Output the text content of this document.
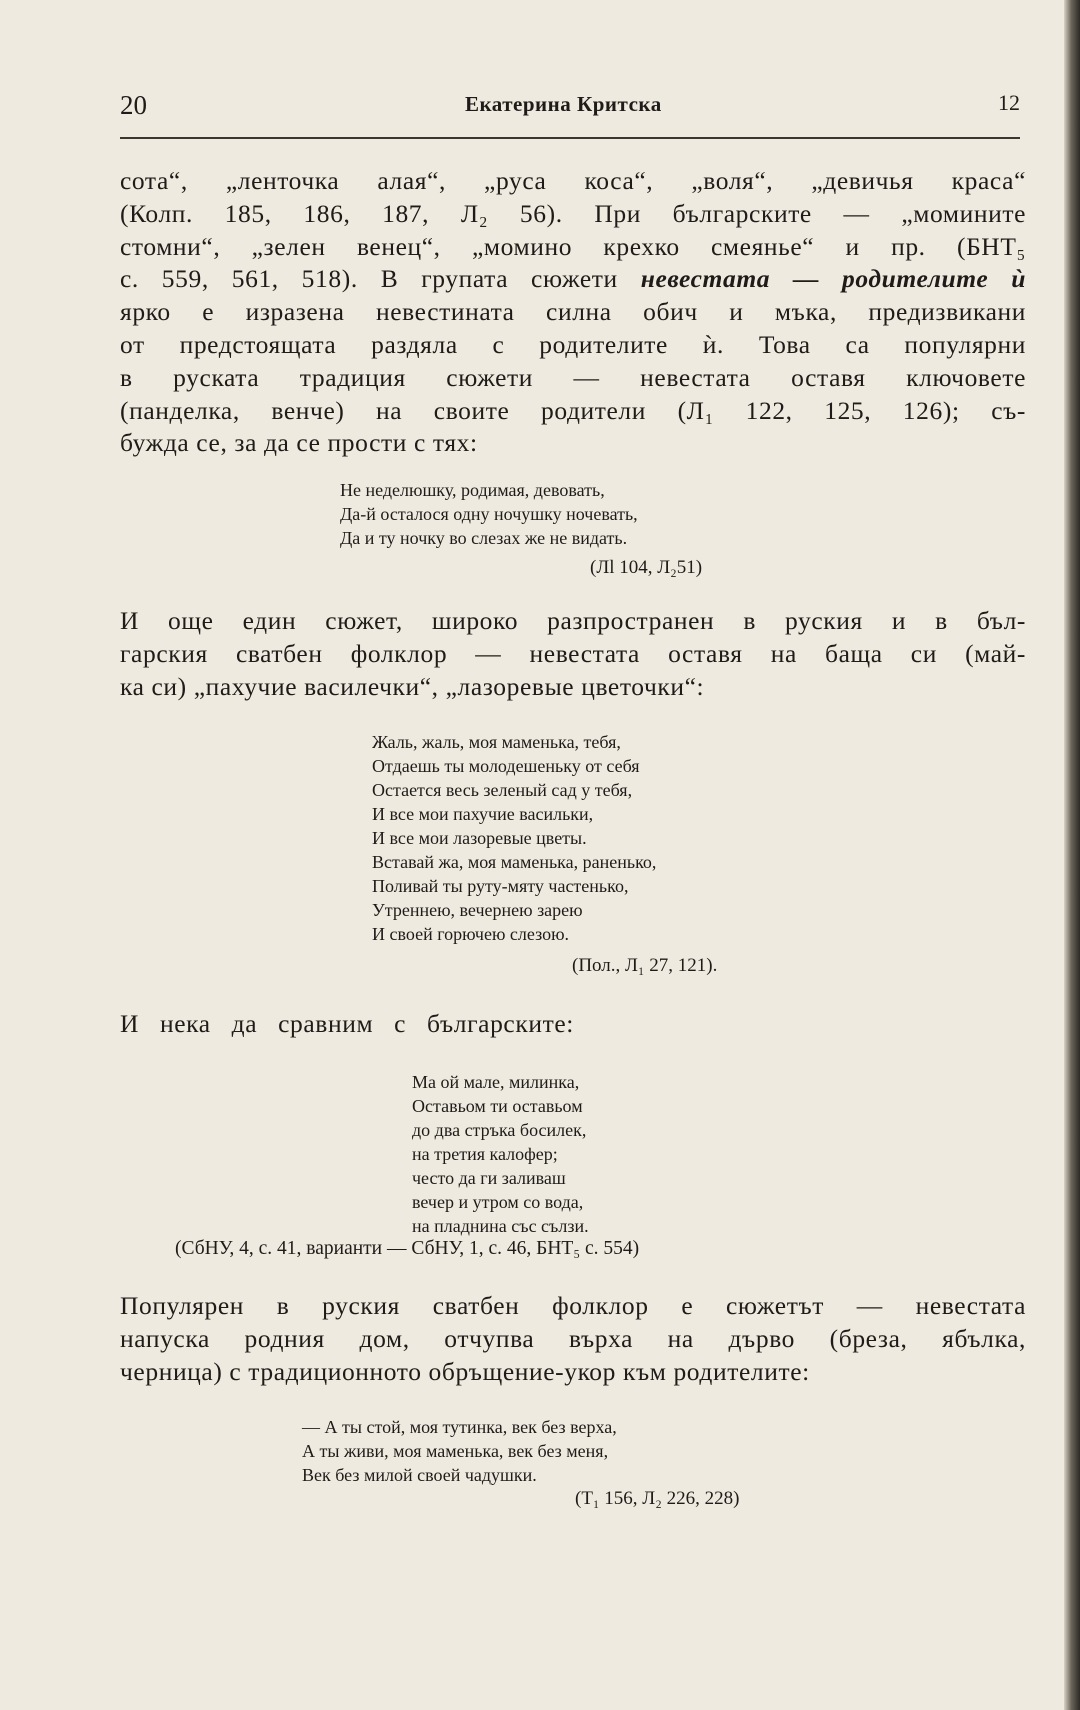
20	Екатерина Критска	12
сота“, „ленточка алая“, „руса коса“, „воля“, „девичья краса“
(Колп. 185, 186, 187, Л₂ 56). При българските — „момините
стомни“, „зелен венец“, „момино крехко смеянье“ и пр. (БНТ₅
с. 559, 561, 518). В групата сюжети невестата — родителите ѝ
ярко е изразена невестината силна обич и мъка, предизвикани
от предстоящата раздяла с родителите ѝ. Това са популярни
в руската традиция сюжети — невестата оставя ключовете
(панделка, венче) на своите родители (Л₁ 122, 125, 126); съ-
бужда се, за да се прости с тях:
Не неделюшку, родимая, девовать,
Да-й осталося одну ночушку ночевать,
Да и ту ночку во слезах же не видать.
(Лl 104, Л₂51)
И още един сюжет, широко разпространен в руския и в бъл-
гарския сватбен фолклор — невестата оставя на баща си (май-
ка си) „пахучие василечки“, „лазоревые цветочки“:
Жаль, жаль, моя маменька, тебя,
Отдаешь ты молодешеньку от себя
Остается весь зеленый сад у тебя,
И все мои пахучие васильки,
И все мои лазоревые цветы.
Вставай жа, моя маменька, раненько,
Поливай ты руту-мяту частенько,
Утреннею, вечернею зарею
И своей горючею слезою.
(Пол., Л₁ 27, 121).
И нека да сравним с българските:
Ма ой мале, милинка,
Оставьом ти оставьом
до два стръка босилек,
на третия калофер;
често да ги заливаш
вечер и утром со вода,
на пладнина със сълзи.
(СбНУ, 4, с. 41, варианти — СбНУ, 1, с. 46, БНТ₅ с. 554)
Популярен в руския сватбен фолклор е сюжетът — невестата
напуска родния дом, отчупва върха на дърво (бреза, ябълка,
черница) с традиционното обръщение-укор към родителите:
— А ты стой, моя тутинка, век без верха,
А ты живи, моя маменька, век без меня,
Век без милой своей чадушки.
(Т₁ 156, Л₂ 226, 228)
